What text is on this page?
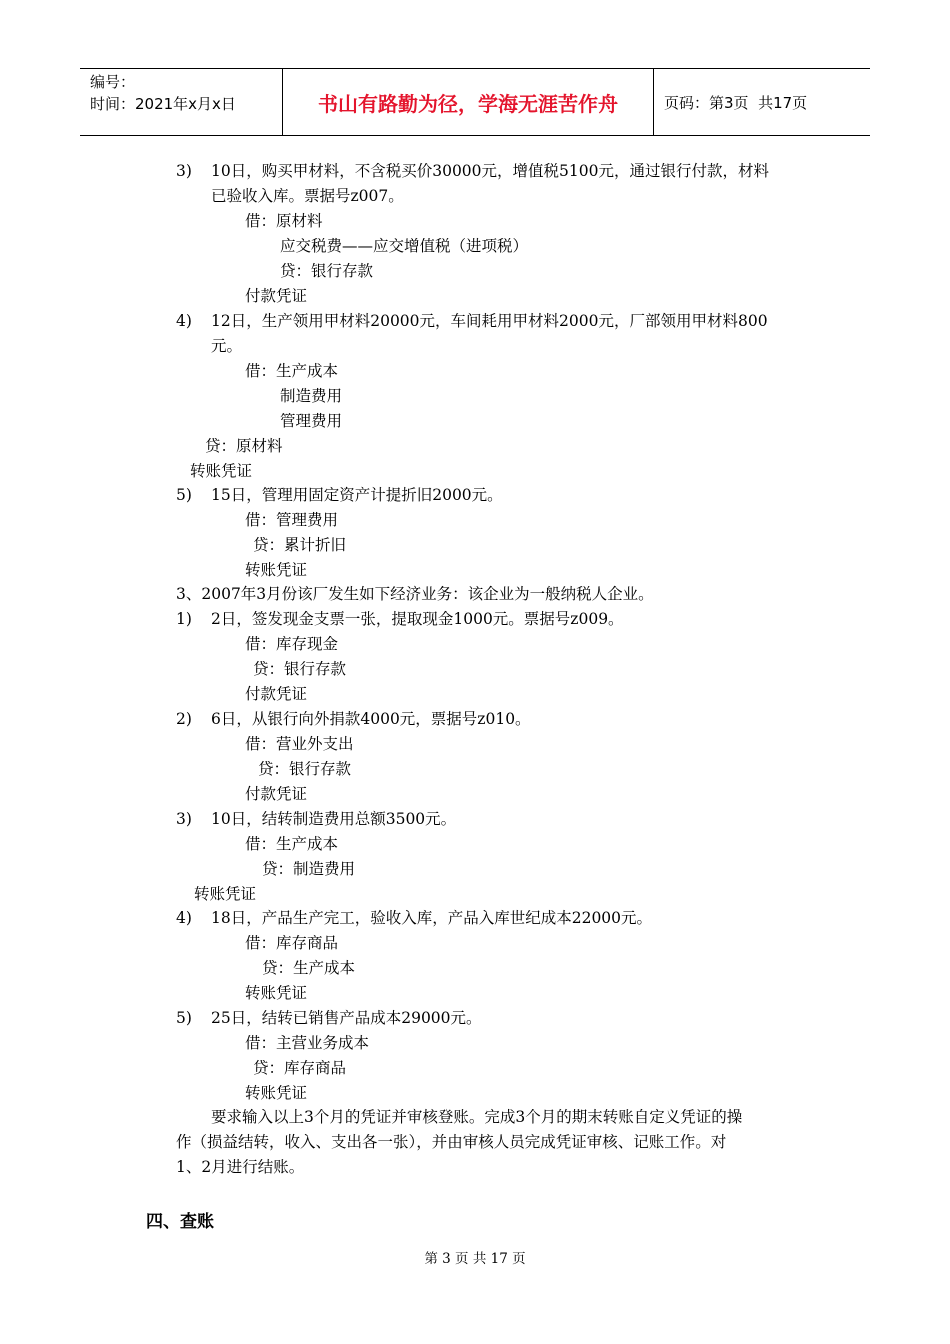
编号：
时间：2021年x月x日	书山有路勤为径，学海无涯苦作舟	页码：第3页  共17页
3) 10日，购买甲材料，不含税买价30000元，增值税5100元，通过银行付款，材料
已验收入库。票据号z007。
借：原材料
应交税费——应交增值税（进项税）
贷：银行存款
付款凭证
4) 12日，生产领用甲材料20000元，车间耗用甲材料2000元，厂部领用甲材料800
元。
借：生产成本
制造费用
管理费用
贷：原材料
转账凭证
5) 15日，管理用固定资产计提折旧2000元。
借：管理费用
贷：累计折旧
转账凭证
3、2007年3月份该厂发生如下经济业务：该企业为一般纳税人企业。
1) 2日，签发现金支票一张，提取现金1000元。票据号z009。
借：库存现金
贷：银行存款
付款凭证
2) 6日，从银行向外捐款4000元，票据号z010。
借：营业外支出
贷：银行存款
付款凭证
3) 10日，结转制造费用总额3500元。
借：生产成本
贷：制造费用
转账凭证
4) 18日，产品生产完工，验收入库，产品入库世纪成本22000元。
借：库存商品
贷：生产成本
转账凭证
5) 25日，结转已销售产品成本29000元。
借：主营业务成本
贷：库存商品
转账凭证
要求输入以上3个月的凭证并审核登账。完成3个月的期末转账自定义凭证的操
作（损益结转，收入、支出各一张），并由审核人员完成凭证审核、记账工作。对
1、2月进行结账。
四、查账
第 3 页 共 17 页
